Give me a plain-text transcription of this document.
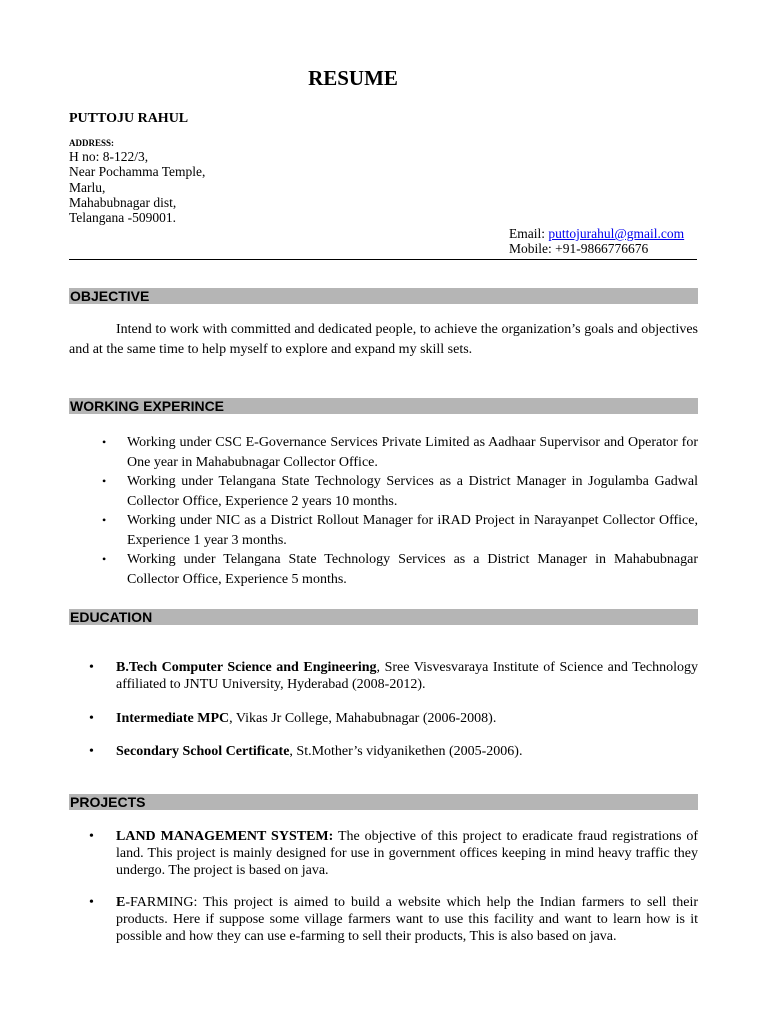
RESUME
PUTTOJU RAHUL
ADDRESS:
H no: 8-122/3,
Near Pochamma Temple,
Marlu,
Mahabubnagar dist,
Telangana -509001.
Email: puttojurahul@gmail.com
Mobile: +91-9866776676
OBJECTIVE
Intend to work with committed and dedicated people, to achieve the organization’s goals and objectives and at the same time to help myself to explore and expand my skill sets.
WORKING EXPERINCE
• Working under CSC E-Governance Services Private Limited as Aadhaar Supervisor and Operator for One year in Mahabubnagar Collector Office.
• Working under Telangana State Technology Services as a District Manager in Jogulamba Gadwal Collector Office, Experience 2 years 10 months.
• Working under NIC as a District Rollout Manager for iRAD Project in Narayanpet Collector Office, Experience 1 year 3 months.
• Working under Telangana State Technology Services as a District Manager in Mahabubnagar Collector Office, Experience 5 months.
EDUCATION
• B.Tech Computer Science and Engineering, Sree Visvesvaraya Institute of Science and Technology affiliated to JNTU University, Hyderabad (2008-2012).
• Intermediate MPC, Vikas Jr College, Mahabubnagar (2006-2008).
• Secondary School Certificate, St.Mother’s vidyanikethen (2005-2006).
PROJECTS
• LAND MANAGEMENT SYSTEM: The objective of this project to eradicate fraud registrations of land. This project is mainly designed for use in government offices keeping in mind heavy traffic they undergo. The project is based on java.
• E-FARMING: This project is aimed to build a website which help the Indian farmers to sell their products. Here if suppose some village farmers want to use this facility and want to learn how is it possible and how they can use e-farming to sell their products, This is also based on java.
